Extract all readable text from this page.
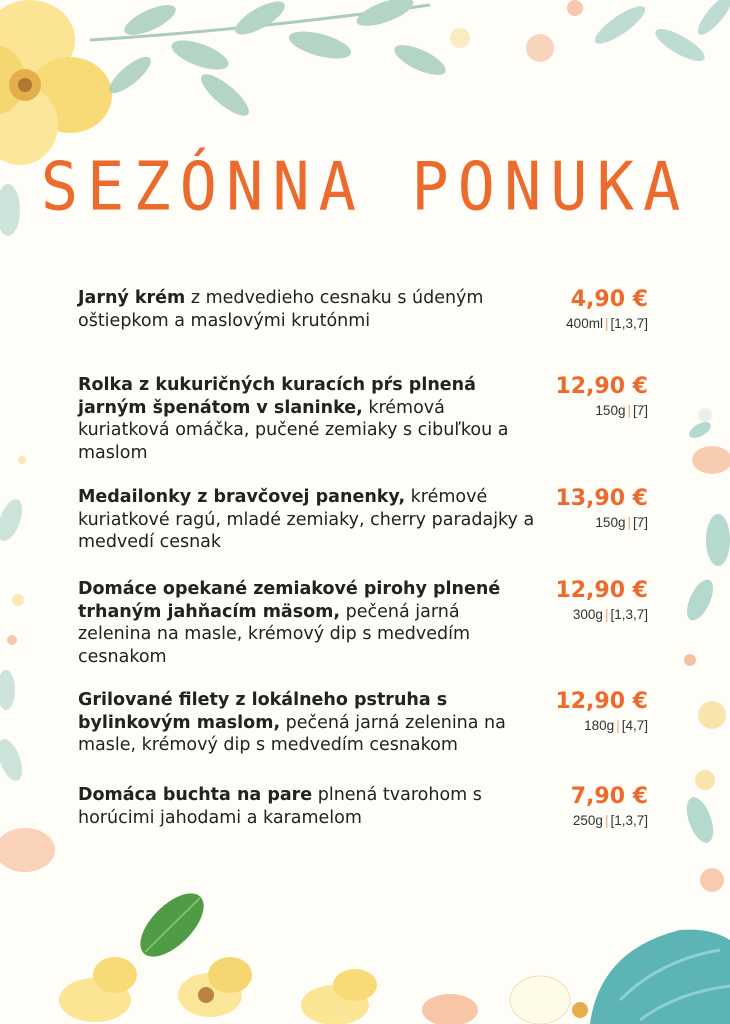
SEZÓNNA PONUKA
Jarný krém z medvedieho cesnaku s údeným oštiepkom a maslovými krutónmi
4,90 €
400ml | [1,3,7]
Rolka z kukuričných kuracích pŕs plnená jarným špenátom v slaninke, krémová kuriatková omáčka, pučené zemiaky s cibuľkou a maslom
12,90 €
150g | [7]
Medailonky z bravčovej panenky, krémové kuriatkové ragú, mladé zemiaky, cherry paradajky a medvedí cesnak
13,90 €
150g | [7]
Domáce opekané zemiakové pirohy plnené trhaným jahňacím mäsom, pečená jarná zelenina na masle, krémový dip s medvedím cesnakom
12,90 €
300g | [1,3,7]
Grilované filety z lokálneho pstruha s bylinkovým maslom, pečená jarná zelenina na masle, krémový dip s medvedím cesnakom
12,90 €
180g | [4,7]
Domáca buchta na pare plnená tvarohom s horúcimi jahodami a karamelom
7,90 €
250g | [1,3,7]
